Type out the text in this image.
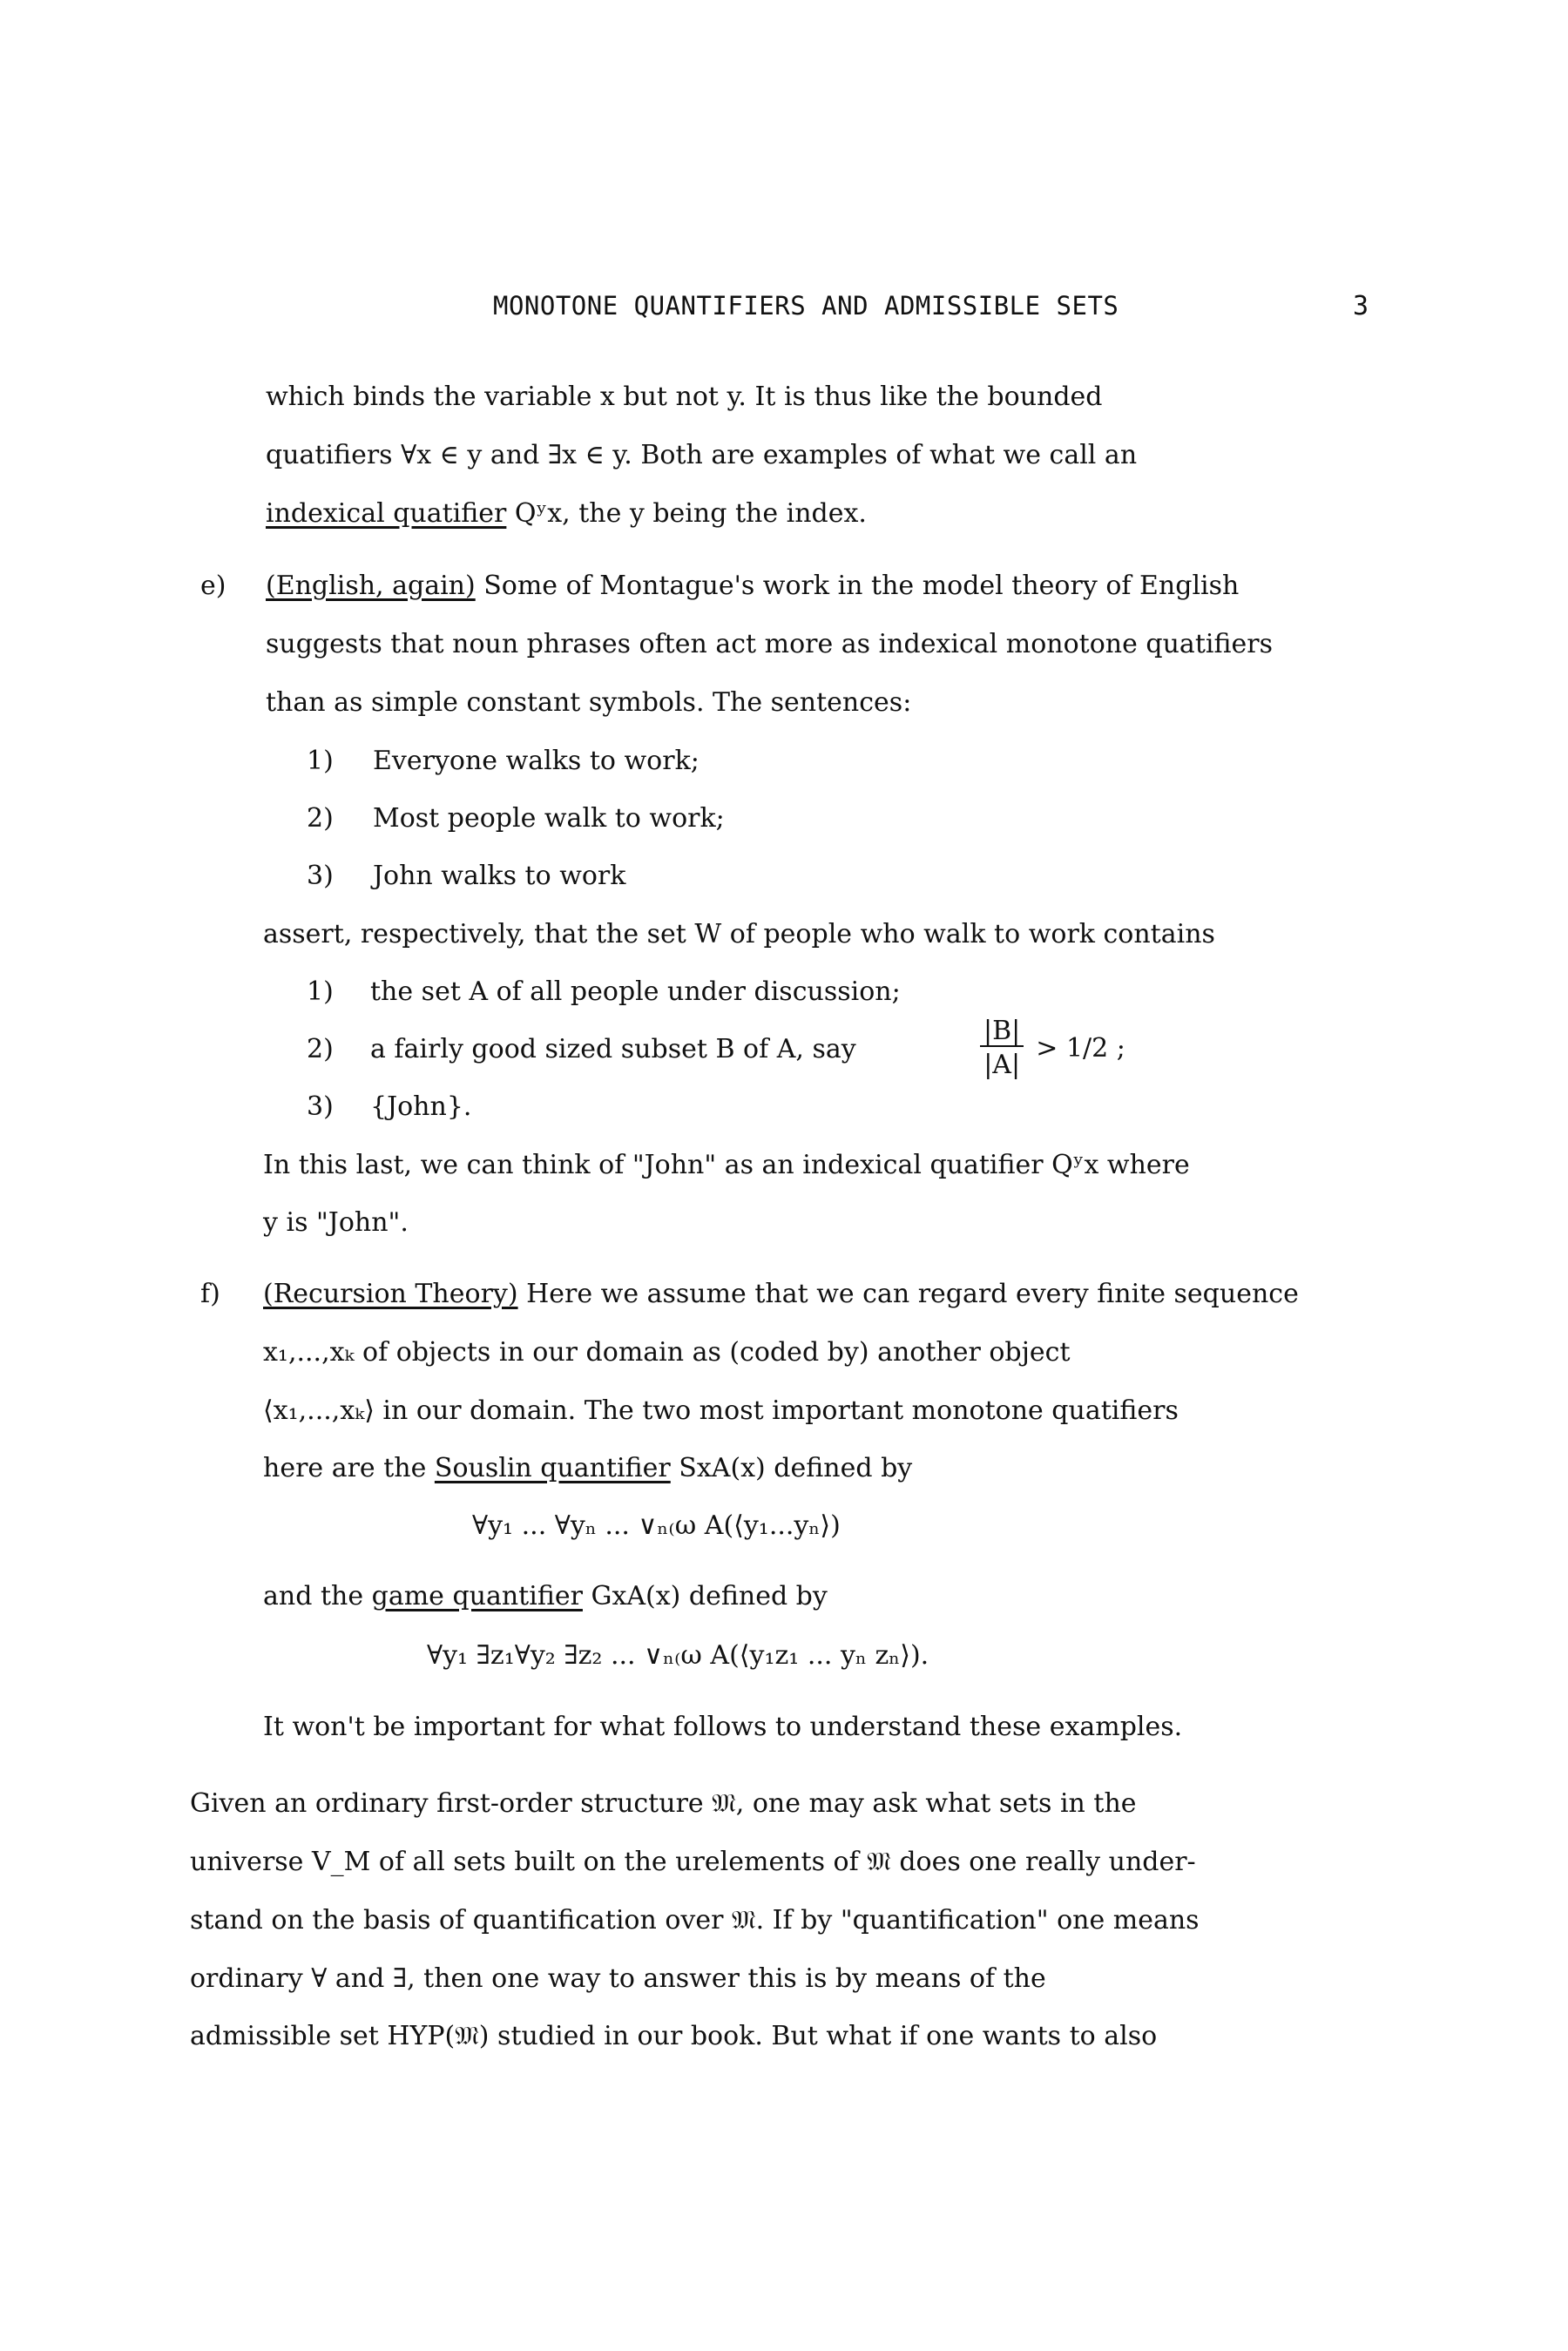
MONOTONE QUANTIFIERS AND ADMISSIBLE SETS	3
which binds the variable x but not y. It is thus like the bounded
quatifiers ∀x ∈ y and ∃x ∈ y. Both are examples of what we call an
indexical quatifier Qʸx, the y being the index.
e) (English, again) Some of Montague's work in the model theory of English
suggests that noun phrases often act more as indexical monotone quatifiers
than as simple constant symbols. The sentences:
1) Everyone walks to work;
2) Most people walk to work;
3) John walks to work
assert, respectively, that the set W of people who walk to work contains
1) the set A of all people under discussion;
2) a fairly good sized subset B of A, say	$\frac{|B|}{|A|} > 1/2$ ;
3) {John}.
In this last, we can think of "John" as an indexical quatifier Qʸx where
y is "John".
f) (Recursion Theory) Here we assume that we can regard every finite sequence
x₁,...,xₖ of objects in our domain as (coded by) another object
⟨x₁,...,xₖ⟩ in our domain. The two most important monotone quatifiers
here are the Souslin quantifier SxA(x) defined by
∀y₁ ... ∀yₙ ... ∨ₙ₍ω A(⟨y₁...yₙ⟩)
and the game quantifier GxA(x) defined by
∀y₁ ∃z₁∀y₂ ∃z₂ ... ∨ₙ₍ω A(⟨y₁z₁ ... yₙ zₙ⟩).
It won't be important for what follows to understand these examples.
Given an ordinary first-order structure 𝔐, one may ask what sets in the
universe V_M of all sets built on the urelements of 𝔐 does one really under-
stand on the basis of quantification over 𝔐. If by "quantification" one means
ordinary ∀ and ∃, then one way to answer this is by means of the
admissible set HYP(𝔐) studied in our book. But what if one wants to also
